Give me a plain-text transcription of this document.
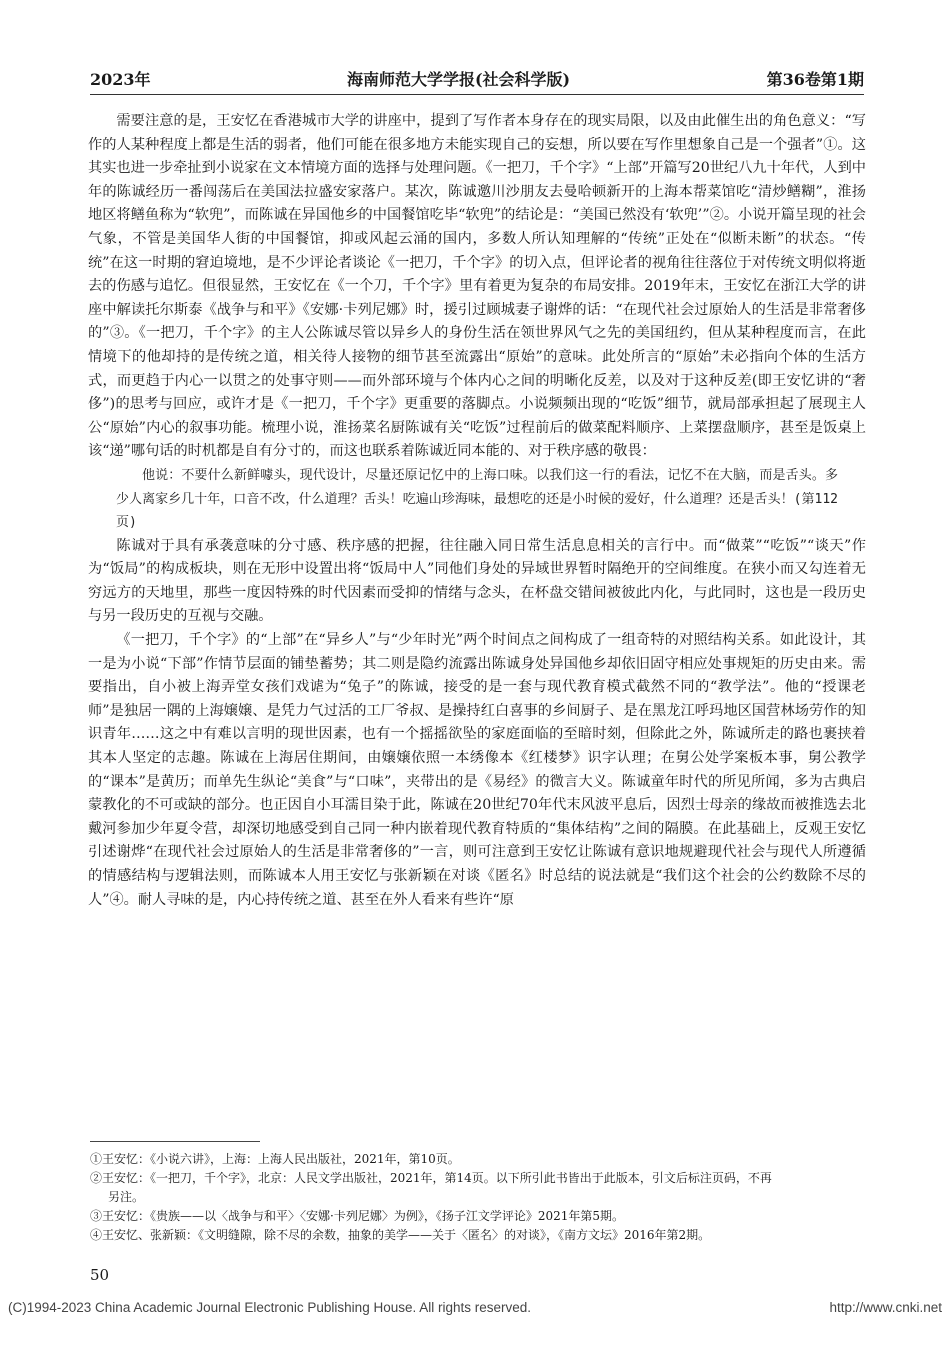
2023年	海南师范大学学报(社会科学版)	第36卷第1期

需要注意的是，王安忆在香港城市大学的讲座中，提到了写作者本身存在的现实局限，以及由此催生出的角色意义：“写作的人某种程度上都是生活的弱者，他们可能在很多地方未能实现自己的妄想，所以要在写作里想象自己是一个强者”①。这其实也进一步牵扯到小说家在文本情境方面的选择与处理问题。《一把刀，千个字》“上部”开篇写20世纪八九十年代，人到中年的陈诚经历一番闯荡后在美国法拉盛安家落户。某次，陈诚邀川沙朋友去曼哈顿新开的上海本帮菜馆吃“清炒鳝糊”，淮扬地区将鳝鱼称为“软兜”，而陈诚在异国他乡的中国餐馆吃毕“软兜”的结论是：“美国已然没有‘软兜’”②。小说开篇呈现的社会气象，不管是美国华人街的中国餐馆，抑或风起云涌的国内，多数人所认知理解的“传统”正处在“似断未断”的状态。“传统”在这一时期的窘迫境地，是不少评论者谈论《一把刀，千个字》的切入点，但评论者的视角往往落位于对传统文明似将逝去的伤感与追忆。但很显然，王安忆在《一个刀，千个字》里有着更为复杂的布局安排。2019年末，王安忆在浙江大学的讲座中解读托尔斯泰《战争与和平》《安娜·卡列尼娜》时，援引过顾城妻子谢烨的话：“在现代社会过原始人的生活是非常奢侈的”③。《一把刀，千个字》的主人公陈诚尽管以异乡人的身份生活在领世界风气之先的美国纽约，但从某种程度而言，在此情境下的他却持的是传统之道，相关待人接物的细节甚至流露出“原始”的意味。此处所言的“原始”未必指向个体的生活方式，而更趋于内心一以贯之的处事守则——而外部环境与个体内心之间的明晰化反差，以及对于这种反差(即王安忆讲的“奢侈”)的思考与回应，或许才是《一把刀，千个字》更重要的落脚点。小说频频出现的“吃饭”细节，就局部承担起了展现主人公“原始”内心的叙事功能。梳理小说，淮扬菜名厨陈诚有关“吃饭”过程前后的做菜配料顺序、上菜摆盘顺序，甚至是饭桌上该“递”哪句话的时机都是自有分寸的，而这也联系着陈诚近同本能的、对于秩序感的敬畏：

他说：不要什么新鲜噱头，现代设计，尽量还原记忆中的上海口味。以我们这一行的看法，记忆不在大脑，而是舌头。多少人离家乡几十年，口音不改，什么道理？舌头！吃遍山珍海味，最想吃的还是小时候的爱好，什么道理？还是舌头！(第112页)

陈诚对于具有承袭意味的分寸感、秩序感的把握，往往融入同日常生活息息相关的言行中。而“做菜”“吃饭”“谈天”作为“饭局”的构成板块，则在无形中设置出将“饭局中人”同他们身处的异域世界暂时隔绝开的空间维度。在狭小而又勾连着无穷远方的天地里，那些一度因特殊的时代因素而受抑的情绪与念头，在杯盘交错间被彼此内化，与此同时，这也是一段历史与另一段历史的互视与交融。

《一把刀，千个字》的“上部”在“异乡人”与“少年时光”两个时间点之间构成了一组奇特的对照结构关系。如此设计，其一是为小说“下部”作情节层面的铺垫蓄势；其二则是隐约流露出陈诚身处异国他乡却依旧固守相应处事规矩的历史由来。需要指出，自小被上海弄堂女孩们戏谑为“兔子”的陈诚，接受的是一套与现代教育模式截然不同的“教学法”。他的“授课老师”是独居一隅的上海嬢嬢、是凭力气过活的工厂爷叔、是操持红白喜事的乡间厨子、是在黑龙江呼玛地区国营林场劳作的知识青年……这之中有难以言明的现世因素，也有一个摇摇欲坠的家庭面临的至暗时刻，但除此之外，陈诚所走的路也裹挟着其本人坚定的志趣。陈诚在上海居住期间，由嬢嬢依照一本绣像本《红楼梦》识字认理；在舅公处学案板本事，舅公教学的“课本”是黄历；而单先生纵论“美食”与“口味”，夹带出的是《易经》的微言大义。陈诚童年时代的所见所闻，多为古典启蒙教化的不可或缺的部分。也正因自小耳濡目染于此，陈诚在20世纪70年代末风波平息后，因烈士母亲的缘故而被推选去北戴河参加少年夏令营，却深切地感受到自己同一种内嵌着现代教育特质的“集体结构”之间的隔膜。在此基础上，反观王安忆引述谢烨“在现代社会过原始人的生活是非常奢侈的”一言，则可注意到王安忆让陈诚有意识地规避现代社会与现代人所遵循的情感结构与逻辑法则，而陈诚本人用王安忆与张新颖在对谈《匿名》时总结的说法就是“我们这个社会的公约数除不尽的人”④。耐人寻味的是，内心持传统之道、甚至在外人看来有些许“原

①王安忆：《小说六讲》，上海：上海人民出版社，2021年，第10页。
②王安忆：《一把刀，千个字》，北京：人民文学出版社，2021年，第14页。以下所引此书皆出于此版本，引文后标注页码，不再
另注。
③王安忆：《贵族——以〈战争与和平〉〈安娜·卡列尼娜〉为例》，《扬子江文学评论》2021年第5期。
④王安忆、张新颖：《文明缝隙，除不尽的余数，抽象的美学——关于〈匿名〉的对谈》，《南方文坛》2016年第2期。
50
(C)1994-2023 China Academic Journal Electronic Publishing House. All rights reserved.	http://www.cnki.net
